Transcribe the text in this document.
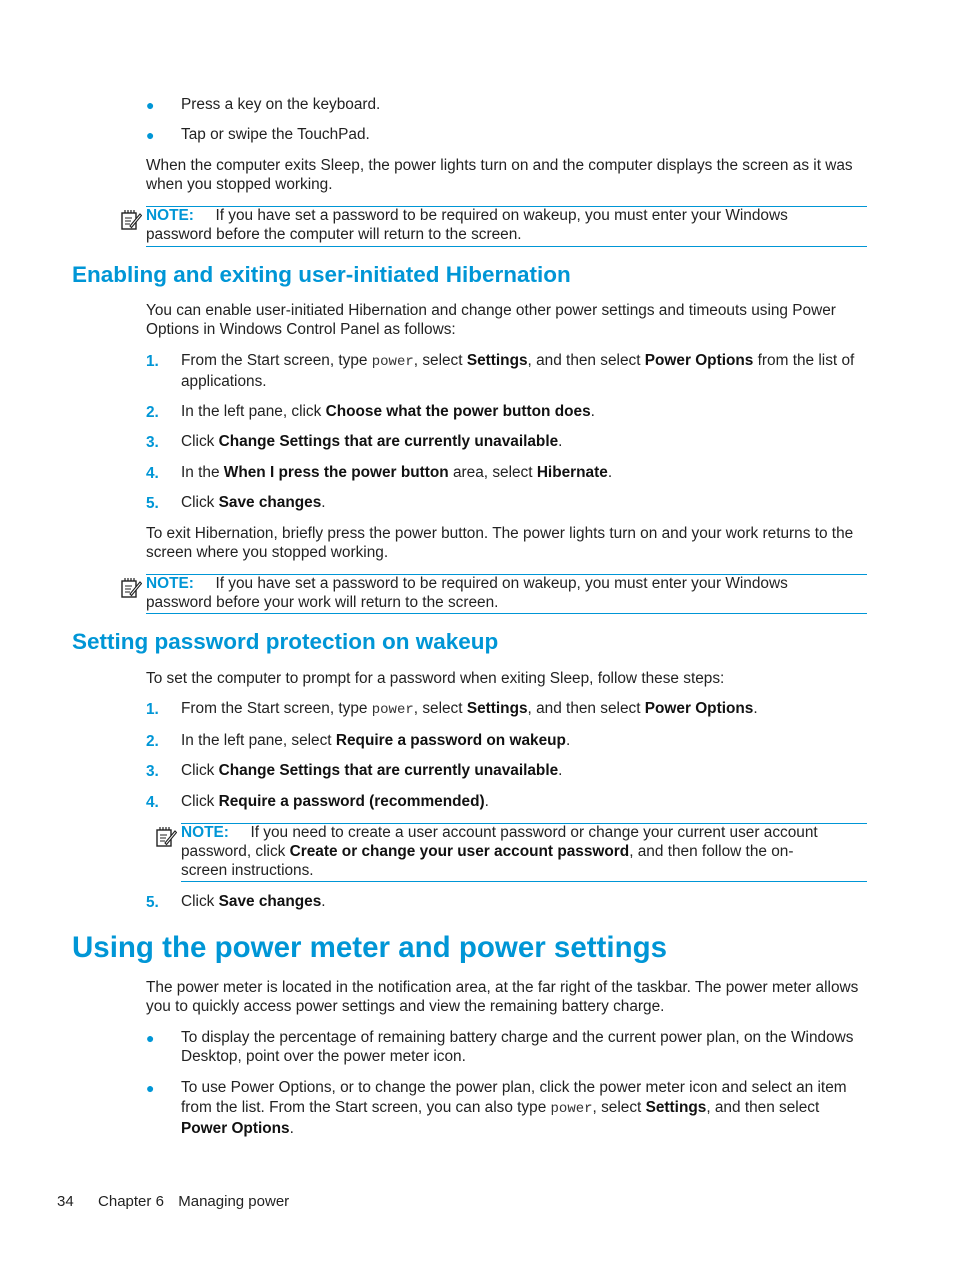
● Press a key on the keyboard.
● Tap or swipe the TouchPad.
When the computer exits Sleep, the power lights turn on and the computer displays the screen as it was when you stopped working.
NOTE: If you have set a password to be required on wakeup, you must enter your Windows
password before the computer will return to the screen.
Enabling and exiting user-initiated Hibernation
You can enable user-initiated Hibernation and change other power settings and timeouts using Power Options in Windows Control Panel as follows:
1. From the Start screen, type power, select Settings, and then select Power Options from the list of applications.
2. In the left pane, click Choose what the power button does.
3. Click Change Settings that are currently unavailable.
4. In the When I press the power button area, select Hibernate.
5. Click Save changes.
To exit Hibernation, briefly press the power button. The power lights turn on and your work returns to the screen where you stopped working.
NOTE: If you have set a password to be required on wakeup, you must enter your Windows
password before your work will return to the screen.
Setting password protection on wakeup
To set the computer to prompt for a password when exiting Sleep, follow these steps:
1. From the Start screen, type power, select Settings, and then select Power Options.
2. In the left pane, select Require a password on wakeup.
3. Click Change Settings that are currently unavailable.
4. Click Require a password (recommended).
NOTE: If you need to create a user account password or change your current user account
password, click Create or change your user account password, and then follow the on-
screen instructions.
5. Click Save changes.
Using the power meter and power settings
The power meter is located in the notification area, at the far right of the taskbar. The power meter allows you to quickly access power settings and view the remaining battery charge.
● To display the percentage of remaining battery charge and the current power plan, on the Windows Desktop, point over the power meter icon.
● To use Power Options, or to change the power plan, click the power meter icon and select an item from the list. From the Start screen, you can also type power, select Settings, and then select Power Options.
34 Chapter 6 Managing power
